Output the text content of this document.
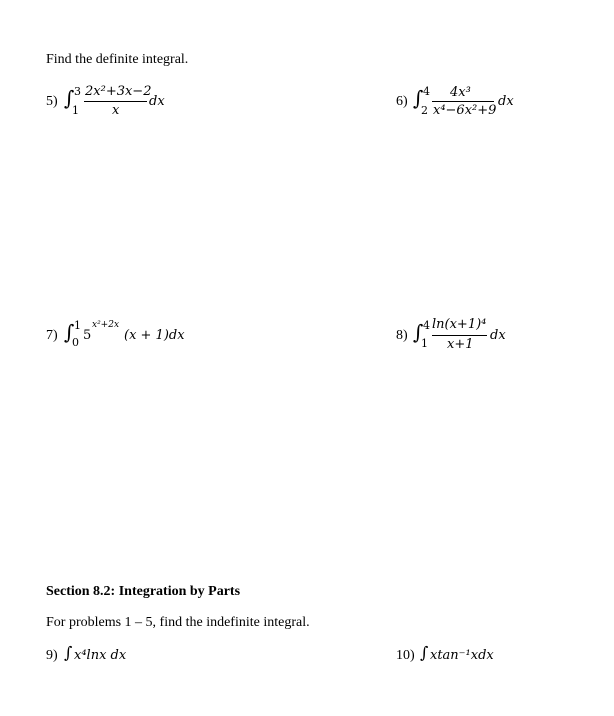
Find the definite integral.
5) ∫ 3
1
2x²+3x−2
x
dx	6) ∫ 4
2
4x³
x⁴−6x²+9
dx
7) ∫ 1
0 5
x²+2x
(x + 1)dx	8) ∫ 4
1
ln(x+1)⁴
x+1
dx
Section 8.2: Integration by Parts
For problems 1 – 5, find the indefinite integral.
9) ∫ x⁴lnx dx	10) ∫ xtan⁻¹xdx
